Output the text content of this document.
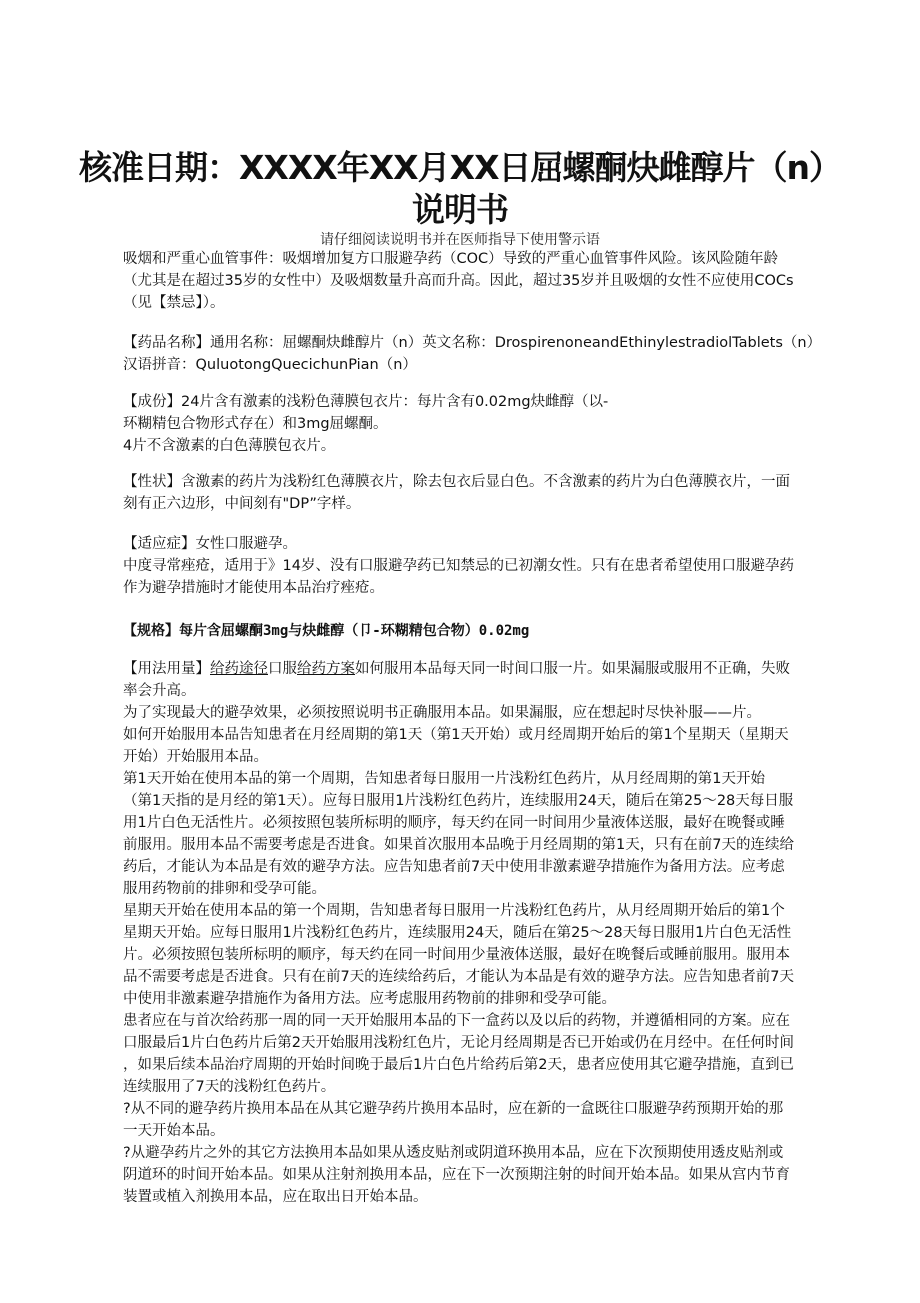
核准日期：XXXX年XX月XX日屈螺酮炔雌醇片（n）
说明书
请仔细阅读说明书并在医师指导下使用警示语
吸烟和严重心血管事件：吸烟增加复方口服避孕药（COC）导致的严重心血管事件风险。该风险随年龄
（尤其是在超过35岁的女性中）及吸烟数量升高而升高。因此，超过35岁并且吸烟的女性不应使用COCs
（见【禁忌】）。
【药品名称】通用名称：屈螺酮炔雌醇片（n）英文名称：DrospirenoneandEthinylestradiolTablets（n）
汉语拼音：QuluotongQuecichunPian（n）
【成份】24片含有激素的浅粉色薄膜包衣片：每片含有0.02mg炔雌醇（以-
环糊精包合物形式存在）和3mg屈螺酮。
4片不含激素的白色薄膜包衣片。
【性状】含激素的药片为浅粉红色薄膜衣片，除去包衣后显白色。不含激素的药片为白色薄膜衣片，一面
刻有正六边形，中间刻有"DP”字样。
【适应症】女性口服避孕。
中度寻常痤疮，适用于》14岁、没有口服避孕药已知禁忌的已初潮女性。只有在患者希望使用口服避孕药
作为避孕措施时才能使用本品治疗痤疮。
【规格】每片含屈螺酮3mg与炔雌醇（卩-环糊精包合物）0.02mg
【用法用量】给药途径口服给药方案如何服用本品每天同一时间口服一片。如果漏服或服用不正确，失败
率会升高。
为了实现最大的避孕效果，必须按照说明书正确服用本品。如果漏服，应在想起时尽快补服——片。
如何开始服用本品告知患者在月经周期的第1天（第1天开始）或月经周期开始后的第1个星期天（星期天
开始）开始服用本品。
第1天开始在使用本品的第一个周期，告知患者每日服用一片浅粉红色药片，从月经周期的第1天开始
（第1天指的是月经的第1天）。应每日服用1片浅粉红色药片，连续服用24天，随后在第25～28天每日服
用1片白色无活性片。必须按照包装所标明的顺序，每天约在同一时间用少量液体送服，最好在晚餐或睡
前服用。服用本品不需要考虑是否进食。如果首次服用本品晚于月经周期的第1天，只有在前7天的连续给
药后，才能认为本品是有效的避孕方法。应告知患者前7天中使用非激素避孕措施作为备用方法。应考虑
服用药物前的排卵和受孕可能。
星期天开始在使用本品的第一个周期，告知患者每日服用一片浅粉红色药片，从月经周期开始后的第1个
星期天开始。应每日服用1片浅粉红色药片，连续服用24天，随后在第25～28天每日服用1片白色无活性
片。必须按照包装所标明的顺序，每天约在同一时间用少量液体送服，最好在晚餐后或睡前服用。服用本
品不需要考虑是否进食。只有在前7天的连续给药后，才能认为本品是有效的避孕方法。应告知患者前7天
中使用非激素避孕措施作为备用方法。应考虑服用药物前的排卵和受孕可能。
患者应在与首次给药那一周的同一天开始服用本品的下一盒药以及以后的药物，并遵循相同的方案。应在
口服最后1片白色药片后第2天开始服用浅粉红色片，无论月经周期是否已开始或仍在月经中。在任何时间
，如果后续本品治疗周期的开始时间晚于最后1片白色片给药后第2天，患者应使用其它避孕措施，直到已
连续服用了7天的浅粉红色药片。
?从不同的避孕药片换用本品在从其它避孕药片换用本品时，应在新的一盒既往口服避孕药预期开始的那
一天开始本品。
?从避孕药片之外的其它方法换用本品如果从透皮贴剂或阴道环换用本品，应在下次预期使用透皮贴剂或
阴道环的时间开始本品。如果从注射剂换用本品，应在下一次预期注射的时间开始本品。如果从宫内节育
装置或植入剂换用本品，应在取出日开始本品。
